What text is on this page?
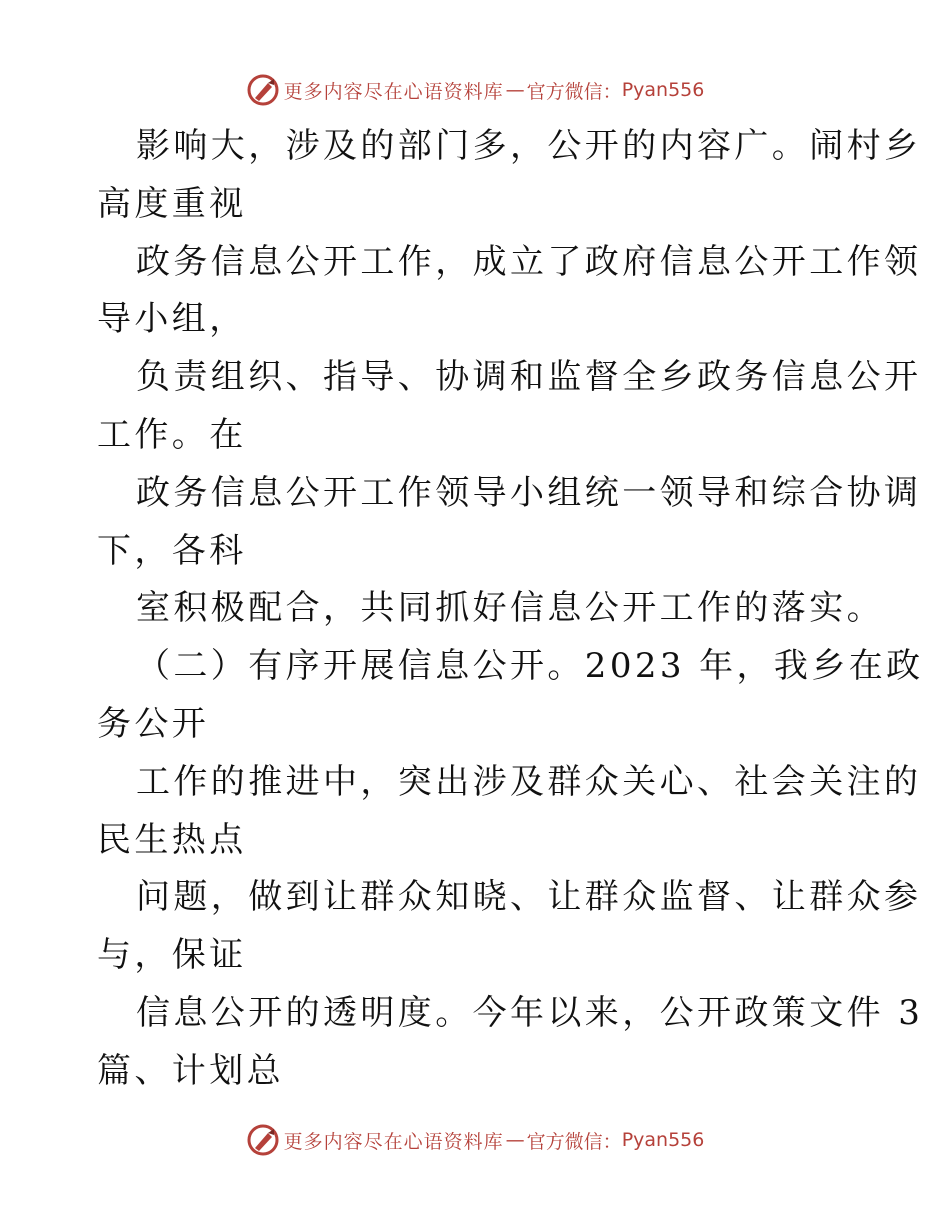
更多内容尽在心语资料库 — 官方微信： Pyan556
影响大，涉及的部门多，公开的内容广。闹村乡
高度重视
政务信息公开工作，成立了政府信息公开工作领
导小组，
负责组织、指导、协调和监督全乡政务信息公开
工作。在
政务信息公开工作领导小组统一领导和综合协调
下，各科
室积极配合，共同抓好信息公开工作的落实。
（二）有序开展信息公开。2023 年，我乡在政
务公开
工作的推进中，突出涉及群众关心、社会关注的
民生热点
问题，做到让群众知晓、让群众监督、让群众参
与，保证
信息公开的透明度。今年以来，公开政策文件 3
篇、计划总
更多内容尽在心语资料库 — 官方微信： Pyan556
